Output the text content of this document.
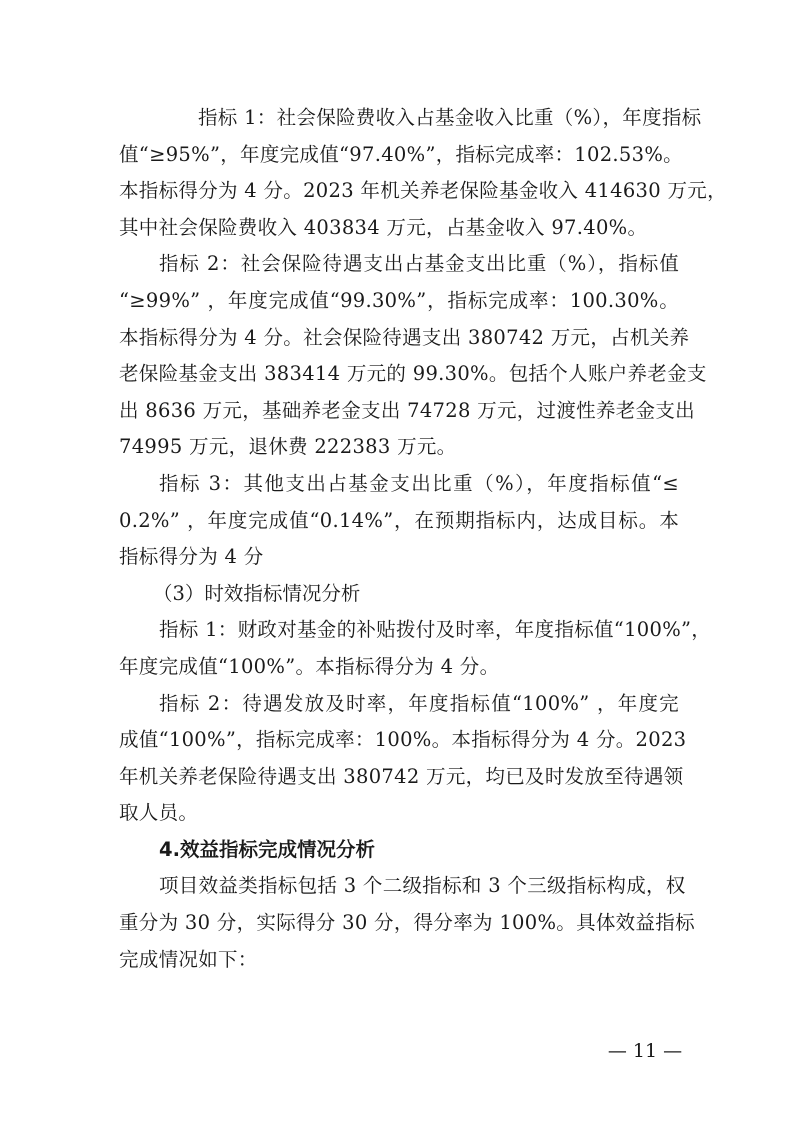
指标 1：社会保险费收入占基金收入比重（%），年度指标
值“≥95%”，年度完成值“97.40%”，指标完成率：102.53%。
本指标得分为 4 分。2023 年机关养老保险基金收入 414630 万元，
其中社会保险费收入 403834 万元，占基金收入 97.40%。
指标 2：社会保险待遇支出占基金支出比重（%），指标值
“≥99%” ，年度完成值“99.30%”，指标完成率：100.30%。
本指标得分为 4 分。社会保险待遇支出 380742 万元，占机关养
老保险基金支出 383414 万元的 99.30%。包括个人账户养老金支
出 8636 万元，基础养老金支出 74728 万元，过渡性养老金支出
74995 万元，退休费 222383 万元。
指标 3：其他支出占基金支出比重（%），年度指标值“≤
0.2%” ，年度完成值“0.14%”，在预期指标内，达成目标。本
指标得分为 4 分

（3）时效指标情况分析

指标 1：财政对基金的补贴拨付及时率，年度指标值“100%”，
年度完成值“100%”。本指标得分为 4 分。
指标 2：待遇发放及时率，年度指标值“100%” ，年度完
成值“100%”，指标完成率：100%。本指标得分为 4 分。2023
年机关养老保险待遇支出 380742 万元，均已及时发放至待遇领
取人员。

4.效益指标完成情况分析

项目效益类指标包括 3 个二级指标和 3 个三级指标构成，权
重分为 30 分，实际得分 30 分，得分率为 100%。具体效益指标
完成情况如下：
— 11 —
